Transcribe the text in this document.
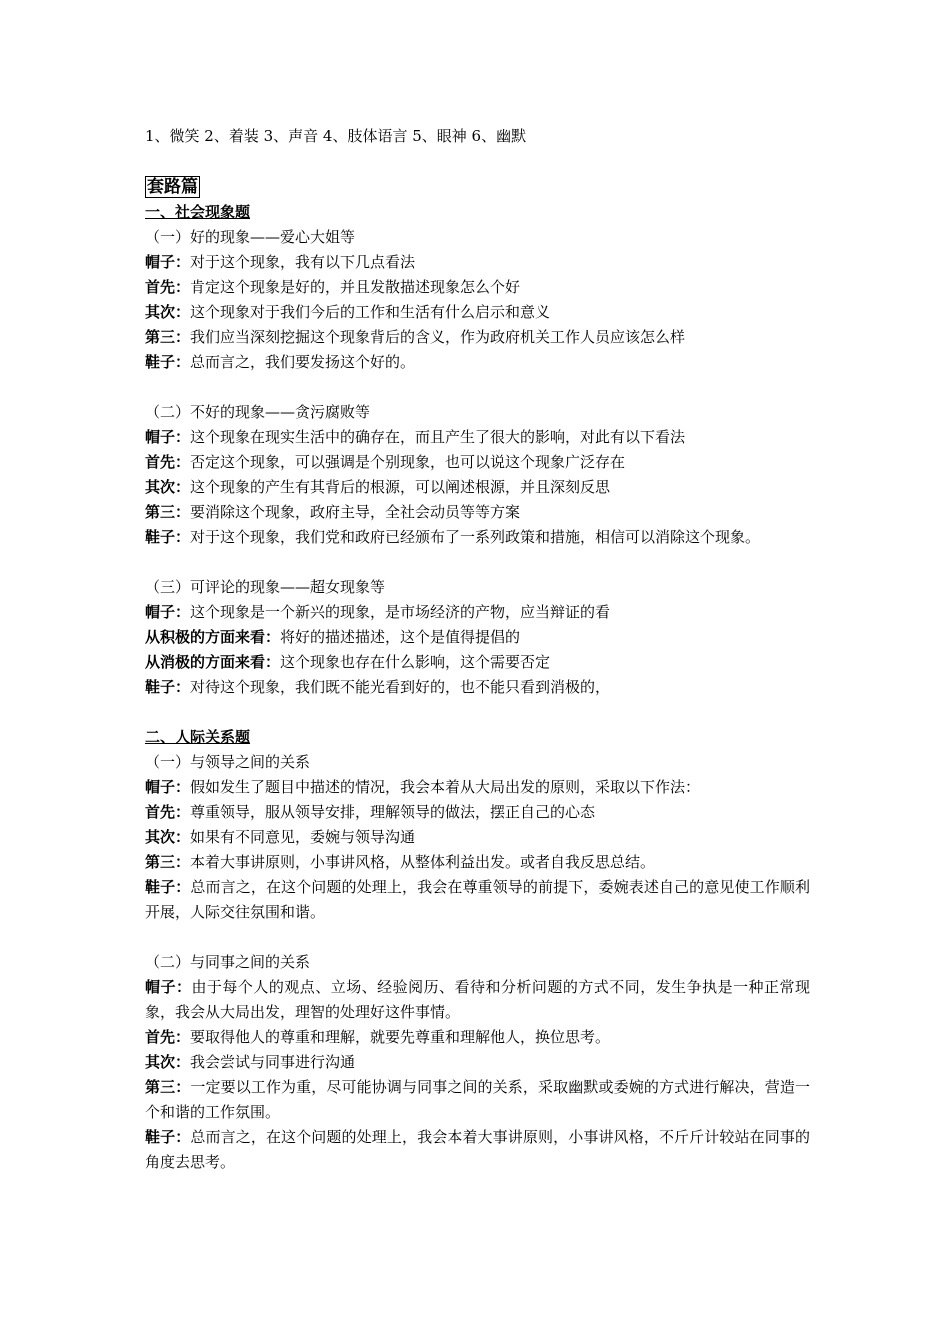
1、微笑 2、着装 3、声音 4、肢体语言 5、眼神 6、幽默

套路篇

一、社会现象题

（一）好的现象——爱心大姐等

帽子：对于这个现象，我有以下几点看法

首先：肯定这个现象是好的，并且发散描述现象怎么个好

其次：这个现象对于我们今后的工作和生活有什么启示和意义

第三：我们应当深刻挖掘这个现象背后的含义，作为政府机关工作人员应该怎么样

鞋子：总而言之，我们要发扬这个好的。

（二）不好的现象——贪污腐败等

帽子：这个现象在现实生活中的确存在，而且产生了很大的影响，对此有以下看法

首先：否定这个现象，可以强调是个别现象，也可以说这个现象广泛存在

其次：这个现象的产生有其背后的根源，可以阐述根源，并且深刻反思

第三：要消除这个现象，政府主导，全社会动员等等方案

鞋子：对于这个现象，我们党和政府已经颁布了一系列政策和措施，相信可以消除这个现象。

（三）可评论的现象——超女现象等

帽子：这个现象是一个新兴的现象，是市场经济的产物，应当辩证的看

从积极的方面来看：将好的描述描述，这个是值得提倡的

从消极的方面来看：这个现象也存在什么影响，这个需要否定

鞋子：对待这个现象，我们既不能光看到好的，也不能只看到消极的，

二、人际关系题

（一）与领导之间的关系

帽子：假如发生了题目中描述的情况，我会本着从大局出发的原则，采取以下作法：

首先：尊重领导，服从领导安排，理解领导的做法，摆正自己的心态

其次：如果有不同意见，委婉与领导沟通

第三：本着大事讲原则，小事讲风格，从整体利益出发。或者自我反思总结。

鞋子：总而言之，在这个问题的处理上，我会在尊重领导的前提下，委婉表述自己的意见使工作顺利开展，人际交往氛围和谐。

（二）与同事之间的关系

帽子：由于每个人的观点、立场、经验阅历、看待和分析问题的方式不同，发生争执是一种正常现象，我会从大局出发，理智的处理好这件事情。

首先：要取得他人的尊重和理解，就要先尊重和理解他人，换位思考。

其次：我会尝试与同事进行沟通

第三：一定要以工作为重，尽可能协调与同事之间的关系，采取幽默或委婉的方式进行解决，营造一个和谐的工作氛围。

鞋子：总而言之，在这个问题的处理上，我会本着大事讲原则，小事讲风格，不斤斤计较站在同事的角度去思考。
